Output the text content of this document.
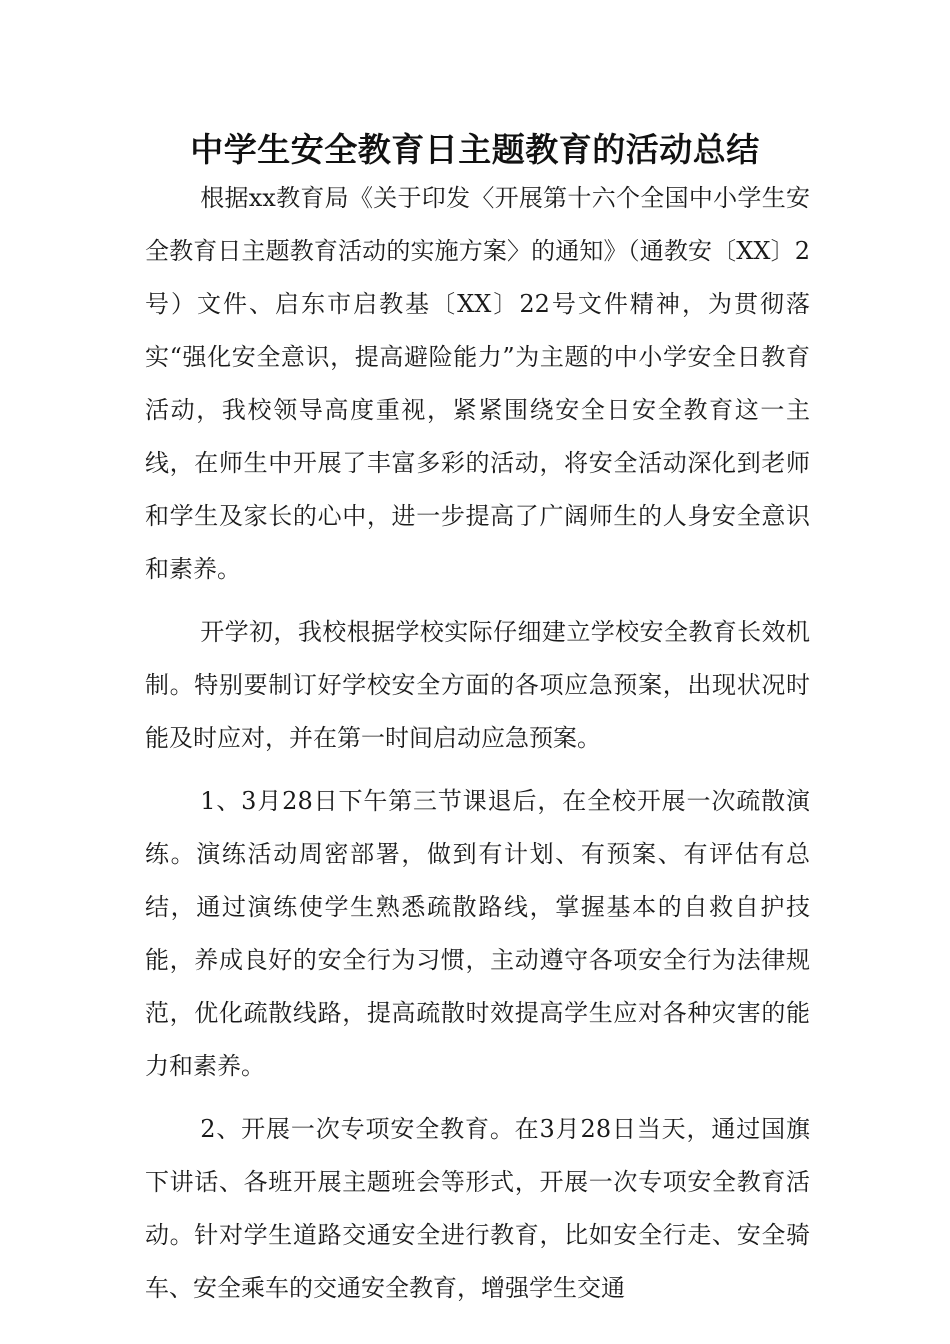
中学生安全教育日主题教育的活动总结

根据xx教育局《关于印发〈开展第十六个全国中小学生安全教育日主题教育活动的实施方案〉的通知》（通教安〔XX〕2号）文件、启东市启教基〔XX〕22号文件精神，为贯彻落实“强化安全意识，提高避险能力”为主题的中小学安全日教育活动，我校领导高度重视，紧紧围绕安全日安全教育这一主线，在师生中开展了丰富多彩的活动，将安全活动深化到老师和学生及家长的心中，进一步提高了广阔师生的人身安全意识和素养。

开学初，我校根据学校实际仔细建立学校安全教育长效机制。特别要制订好学校安全方面的各项应急预案，出现状况时能及时应对，并在第一时间启动应急预案。

1、3月28日下午第三节课退后，在全校开展一次疏散演练。演练活动周密部署，做到有计划、有预案、有评估有总结，通过演练使学生熟悉疏散路线，掌握基本的自救自护技能，养成良好的安全行为习惯，主动遵守各项安全行为法律规范，优化疏散线路，提高疏散时效提高学生应对各种灾害的能力和素养。

2、开展一次专项安全教育。在3月28日当天，通过国旗下讲话、各班开展主题班会等形式，开展一次专项安全教育活动。针对学生道路交通安全进行教育，比如安全行走、安全骑车、安全乘车的交通安全教育，增强学生交通
